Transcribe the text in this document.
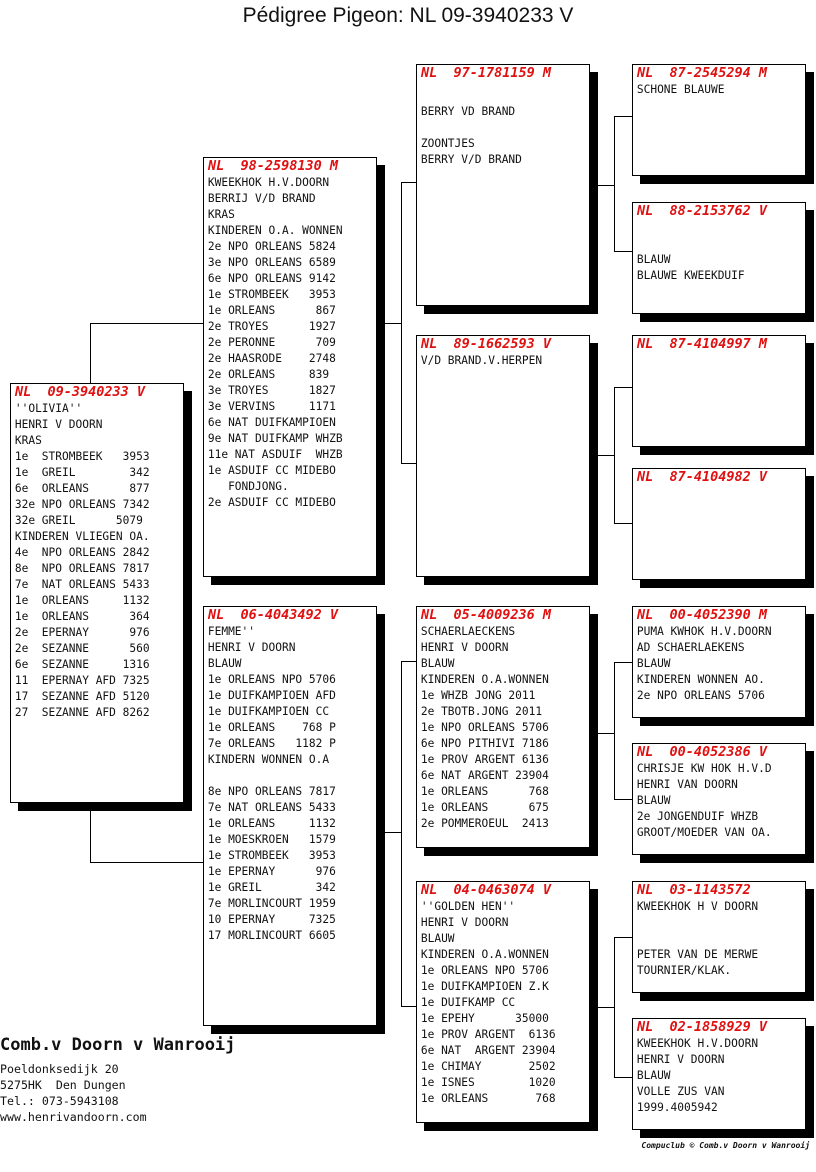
Pédigree Pigeon: NL 09-3940233 V
NL  09-3940233 V
''OLIVIA''
HENRI V DOORN
KRAS
1e  STROMBEEK   3953
1e  GREIL        342
6e  ORLEANS      877
32e NPO ORLEANS 7342
32e GREIL      5079
KINDEREN VLIEGEN OA.
4e  NPO ORLEANS 2842
8e  NPO ORLEANS 7817
7e  NAT ORLEANS 5433
1e  ORLEANS     1132
1e  ORLEANS      364
2e  EPERNAY      976
2e  SEZANNE      560
6e  SEZANNE     1316
11  EPERNAY AFD 7325
17  SEZANNE AFD 5120
27  SEZANNE AFD 8262
NL  98-2598130 M
KWEEKHOK H.V.DOORN
BERRIJ V/D BRAND
KRAS
KINDEREN O.A. WONNEN
2e NPO ORLEANS 5824
3e NPO ORLEANS 6589
6e NPO ORLEANS 9142
1e STROMBEEK   3953
1e ORLEANS      867
2e TROYES      1927
2e PERONNE      709
2e HAASRODE    2748
2e ORLEANS     839
3e TROYES      1827
3e VERVINS     1171
6e NAT DUIFKAMPIOEN
9e NAT DUIFKAMP WHZB
11e NAT ASDUIF  WHZB
1e ASDUIF CC MIDEBO
FONDJONG.
2e ASDUIF CC MIDEBO
NL  06-4043492 V
FEMME''
HENRI V DOORN
BLAUW
1e ORLEANS NPO 5706
1e DUIFKAMPIOEN AFD
1e DUIFKAMPIOEN CC
1e ORLEANS    768 P
7e ORLEANS   1182 P
KINDERN WONNEN O.A

8e NPO ORLEANS 7817
7e NAT ORLEANS 5433
1e ORLEANS     1132
1e MOESKROEN   1579
1e STROMBEEK   3953
1e EPERNAY      976
1e GREIL        342
7e MORLINCOURT 1959
10 EPERNAY     7325
17 MORLINCOURT 6605
NL  97-1781159 M
BERRY VD BRAND

ZOONTJES
BERRY V/D BRAND
NL  89-1662593 V
V/D BRAND.V.HERPEN
NL  05-4009236 M
SCHAERLAECKENS
HENRI V DOORN
BLAUW
KINDEREN O.A.WONNEN
1e WHZB JONG 2011
2e TBOTB.JONG 2011
1e NPO ORLEANS 5706
6e NPO PITHIVI 7186
1e PROV ARGENT 6136
6e NAT ARGENT 23904
1e ORLEANS      768
1e ORLEANS      675
2e POMMEROEUL  2413
NL  04-0463074 V
''GOLDEN HEN''
HENRI V DOORN
BLAUW
KINDEREN O.A.WONNEN
1e ORLEANS NPO 5706
1e DUIFKAMPIOEN Z.K
1e DUIFKAMP CC
1e EPEHY      35000
1e PROV ARGENT  6136
6e NAT  ARGENT 23904
1e CHIMAY       2502
1e ISNES        1020
1e ORLEANS       768
NL  87-2545294 M
SCHONE BLAUWE
NL  88-2153762 V

BLAUW
BLAUWE KWEEKDUIF
NL  87-4104997 M
NL  87-4104982 V
NL  00-4052390 M
PUMA KWHOK H.V.DOORN
AD SCHAERLAEKENS
BLAUW
KINDEREN WONNEN AO.
2e NPO ORLEANS 5706
NL  00-4052386 V
CHRISJE KW HOK H.V.D
HENRI VAN DOORN
BLAUW
2e JONGENDUIF WHZB
GROOT/MOEDER VAN OA.
NL  03-1143572
KWEEKHOK H V DOORN

PETER VAN DE MERWE
TOURNIER/KLAK.
NL  02-1858929 V
KWEEKHOK H.V.DOORN
HENRI V DOORN
BLAUW
VOLLE ZUS VAN
1999.4005942
Comb.v Doorn v Wanrooij
Poeldonksedijk 20
5275HK  Den Dungen
Tel.: 073-5943108
www.henrivandoorn.com
Compuclub © Comb.v Doorn v Wanrooij
